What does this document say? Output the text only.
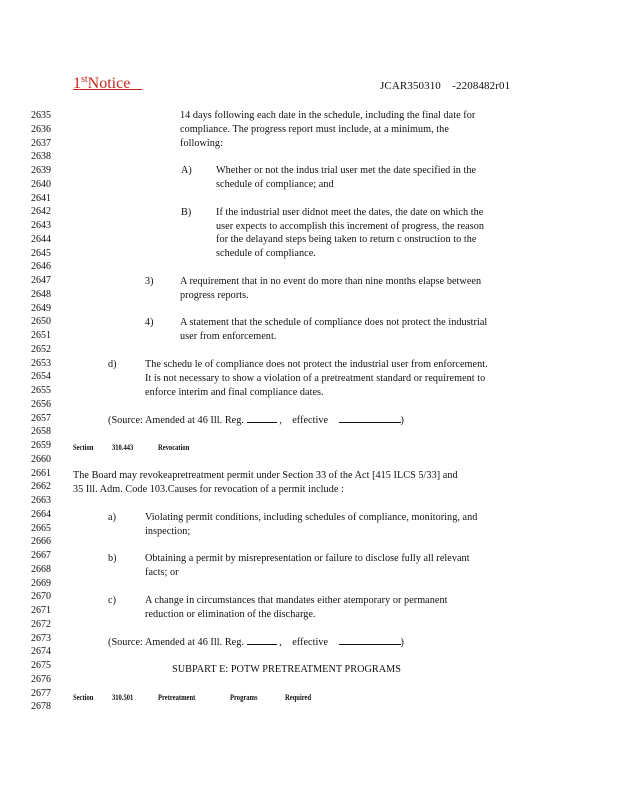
1stNotice	JCAR350310    -2208482r01
2635
2636
2637
2638
2639
2640
2641
2642
2643
2644
2645
2646
2647
2648
2649
2650
2651
2652
2653
2654
2655
2656
2657
2658
2659
2660
2661
2662
2663
2664
2665
2666
2667
2668
2669
2670
2671
2672
2673
2674
2675
2676
2677
2678
14 days following each date in the schedule, including the final date for
compliance. The progress report must include, at a minimum, the
following:
A) Whether or not the indus trial user met the date specified in the
schedule of compliance; and
B) If the industrial user didnot meet the dates, the date on which the
user expects to accomplish this increment of progress, the reason
for the delayand steps being taken to return c onstruction to the
schedule of compliance.
3)	A requirement that in no event do more than nine months elapse between
progress reports.
4)	A statement that the schedule of compliance does not protect the industrial
user from enforcement.
d)	The schedu le of compliance does not protect the industrial user from enforcement.
It is not necessary to show a violation of a pretreatment standard or requirement to
enforce interim and final compliance dates.
(Source: Amended at 46 Ill. Reg.	,    effective	)
Section 310.443	Revocation
The Board may revokeapretreatment permit under Section 33 of the Act [415 ILCS 5/33] and
35 Ill. Adm. Code 103.Causes for revocation of a permit include :
a)	Violating permit conditions, including schedules of compliance, monitoring, and
inspection;
b)	Obtaining a permit by misrepresentation or failure to disclose fully all relevant
facts; or
c)	A change in circumstances that mandates either atemporary or permanent
reduction or elimination of the discharge.
(Source: Amended at 46 Ill. Reg.	,    effective	)
SUBPART E: POTW PRETREATMENT PROGRAMS
Section 310.501	Pretreatment	Programs	Required
